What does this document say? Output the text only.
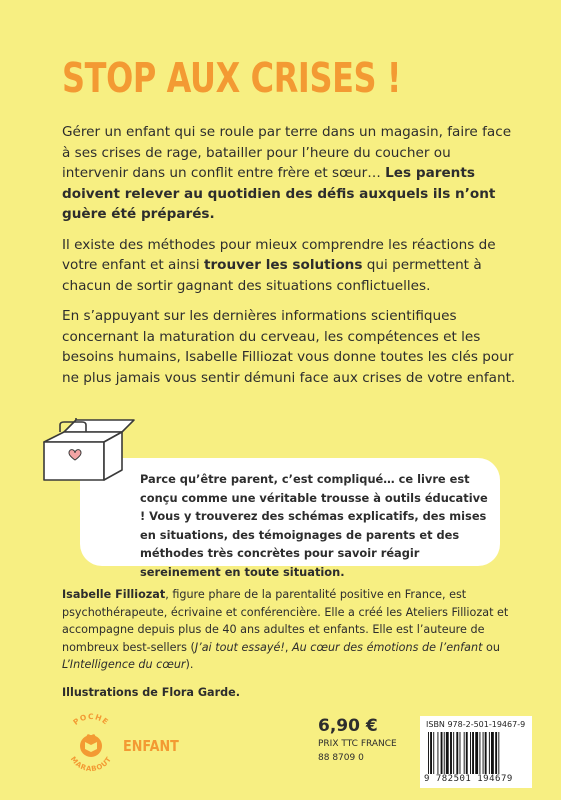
STOP AUX CRISES !

Gérer un enfant qui se roule par terre dans un magasin, faire face à ses crises de rage, batailler pour l’heure du coucher ou intervenir dans un conflit entre frère et sœur… Les parents doivent relever au quotidien des défis auxquels ils n’ont guère été préparés.

Il existe des méthodes pour mieux comprendre les réactions de votre enfant et ainsi trouver les solutions qui permettent à chacun de sortir gagnant des situations conflictuelles.

En s’appuyant sur les dernières informations scientifiques concernant la maturation du cerveau, les compétences et les besoins humains, Isabelle Filliozat vous donne toutes les clés pour ne plus jamais vous sentir démuni face aux crises de votre enfant.

Parce qu’être parent, c’est compliqué… ce livre est conçu comme une véritable trousse à outils éducative ! Vous y trouverez des schémas explicatifs, des mises en situations, des témoignages de parents et des méthodes très concrètes pour savoir réagir sereinement en toute situation.

Isabelle Filliozat, figure phare de la parentalité positive en France, est psychothérapeute, écrivaine et conférencière. Elle a créé les Ateliers Filliozat et accompagne depuis plus de 40 ans adultes et enfants. Elle est l’auteure de nombreux best-sellers (J’ai tout essayé!, Au cœur des émotions de l’enfant ou L’Intelligence du cœur).

Illustrations de Flora Garde.

POCHE
MARABOUT
ENFANT
6,90 €
PRIX TTC FRANCE
88 8709 0
ISBN 978-2-501-19467-9
9 782501 194679
